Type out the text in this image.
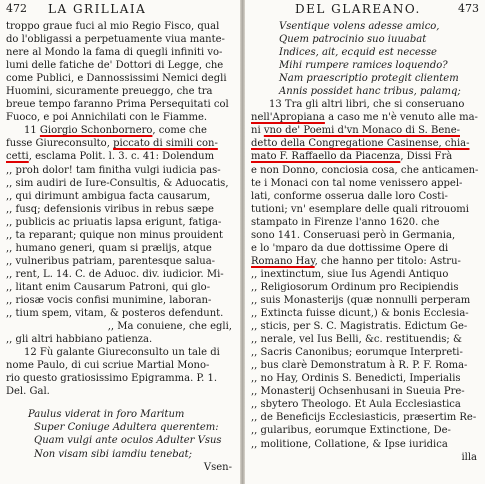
472 LA GRILLAIA
troppo graue fuci al mio Regio Fisco, qual
do l'obligassi a perpetuamente viua mante-
nere al Mondo la fama di quegli infiniti vo-
lumi delle fatiche de' Dottori di Legge, che
come Publici, e Dannossissimi Nemici degli
Huomini, sicuramente preueggo, che tra
breue tempo faranno Prima Persequitati col
Fuoco, e poi Annichilati con le Fiamme.
11 Giorgio Schonbornero, come che
fusse Giureconsulto, piccato di simili con-
cetti, esclama Polit. l. 3. c. 41: Dolendum
,, proh dolor! tam finitha vulgi iudicia pas-
,, sim audiri de Iure-Consultis, & Aduocatis,
,, qui dirimunt ambigua facta causarum,
,, fusq; defensionis viribus in rebus sæpe
,, publicis ac priuatis lapsa erigunt, fatiga-
,, ta reparant; quique non minus prouident
,, humano generi, quam si prælijs, atque
,, vulneribus patriam, parentesque salua-
,, rent, L. 14. C. de Aduoc. div. iudicior. Mi-
,, litant enim Causarum Patroni, qui glo-
,, riosæ vocis confisi munimine, laboran-
,, tium spem, vitam, & posteros defendunt.
,, Ma conuiene, che egli,
,, gli altri habbiano patienza.
12 Fù galante Giureconsulto un tale di
nome Paulo, di cui scriue Martial Mono-
rio questo gratiosissimo Epigramma. P. 1.
Del. Gal.
Paulus viderat in foro Maritum
Super Coniuge Adultera querentem:
Quam vulgi ante oculos Adulter Vsus
Non visam sibi iamdiu tenebat;
Vsen-
DEL GLAREANO.	473
Vsentique volens adesse amico,
Quem patrocinio suo iuuabat
Indices, ait, ecquid est necesse
Mihi rumpere ramices loquendo?
Nam praescriptio protegit clientem
Annis possidet hanc tribus, palamq;
13 Tra gli altri libri, che si conseruano
nell'Apropiana a caso me n'è venuto alle ma-
ni vno de' Poemi d'vn Monaco di S. Bene-
detto della Congregatione Casinense, chia-
mato F. Raffaello da Piacenza, Dissi Frà
e non Donno, conciosia cosa, che anticamen-
te i Monaci con tal nome venissero appel-
lati, conforme osserua dalle loro Costi-
tutioni; vn' esemplare delle quali ritrouomi
stampato in Firenze l'anno 1620. che
sono 141. Conseruasi però in Germania,
e lo 'mparo da due dottissime Opere di
Romano Hay, che hanno per titolo: Astru-
,, inextinctum, siue Ius Agendi Antiquo
,, Religiosorum Ordinum pro Recipiendis
,, suis Monasterijs (quæ nonnulli perperam
,, Extincta fuisse dicunt,) & bonis Ecclesia-
,, sticis, per S. C. Magistratis. Edictum Ge-
,, nerale, vel Ius Belli, &c. restituendis; &
,, Sacris Canonibus; eorumque Interpreti-
,, bus clarè Demonstratum à R. P. F. Roma-
,, no Hay, Ordinis S. Benedicti, Imperialis
,, Monasterij Ochsenhusani in Sueuia Pre-
,, sbytero Theologo. Et Aula Ecclesiastica
,, de Beneficijs Ecclesiasticis, præsertim Re-
,, gularibus, eorumque Extinctione, De-
,, molitione, Collatione, & Ipse iuridica
illa
